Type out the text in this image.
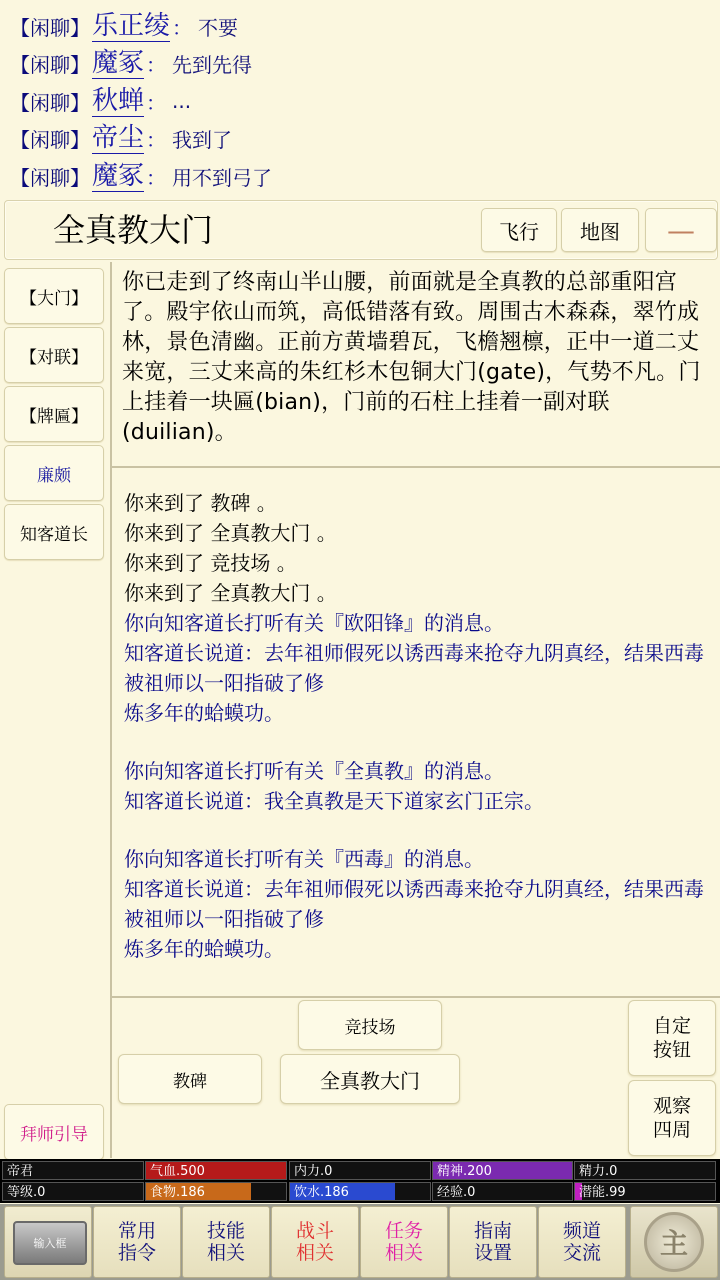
【闲聊】 乐正绫 ： 不要
【闲聊】 魔冢 ： 先到先得
【闲聊】 秋蝉 ： ...
【闲聊】 帝尘 ： 我到了
【闲聊】 魔冢 ： 用不到弓了
全真教大门	飞行	地图	—
【大门】
【对联】
【牌匾】
廉颇
知客道长
拜师引导
你已走到了终南山半山腰，前面就是全真教的总部重阳宫了。殿宇依山而筑，高低错落有致。周围古木森森，翠竹成林，景色清幽。正前方黄墙碧瓦，飞檐翘檩，正中一道二丈来宽，三丈来高的朱红杉木包铜大门(gate)，气势不凡。门上挂着一块匾(bian)，门前的石柱上挂着一副对联(duilian)。
你来到了 教碑 。
你来到了 全真教大门 。
你来到了 竞技场 。
你来到了 全真教大门 。
你向知客道长打听有关『欧阳锋』的消息。
知客道长说道：去年祖师假死以诱西毒来抢夺九阴真经，结果西毒被祖师以一阳指破了修
炼多年的蛤蟆功。
你向知客道长打听有关『全真教』的消息。
知客道长说道：我全真教是天下道家玄门正宗。
你向知客道长打听有关『西毒』的消息。
知客道长说道：去年祖师假死以诱西毒来抢夺九阴真经，结果西毒被祖师以一阳指破了修
炼多年的蛤蟆功。
竞技场
教碑	全真教大门
自定
按钮
观察
四周
帝君	气血.500	内力.0	精神.200	精力.0
等级.0	食物.186	饮水.186	经验.0	潜能.99
输入框
常用
指令
技能
相关
战斗
相关
任务
相关
指南
设置
频道
交流	主
